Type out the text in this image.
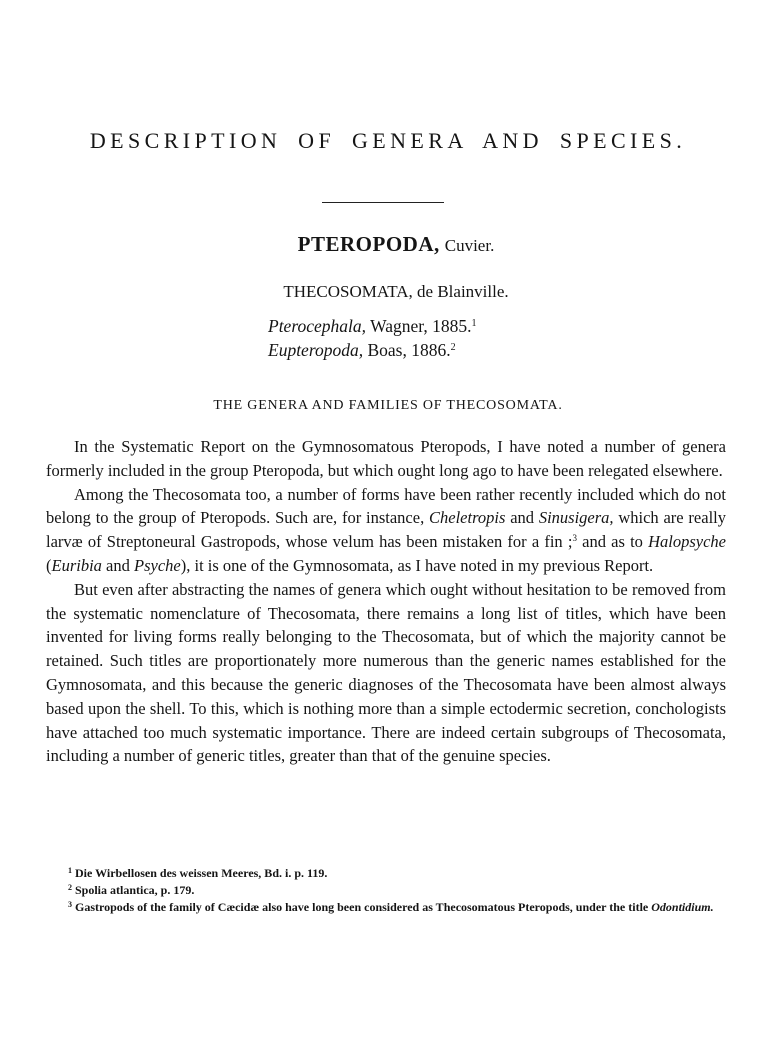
DESCRIPTION OF GENERA AND SPECIES.

PTEROPODA, Cuvier.

THECOSOMATA, de Blainville.

Pterocephala, Wagner, 1885.$^1$

Eupteropoda, Boas, 1886.$^2$

THE GENERA AND FAMILIES OF THECOSOMATA.

In the Systematic Report on the Gymnosomatous Pteropods, I have noted a number of genera formerly included in the group Pteropoda, but which ought long ago to have been relegated elsewhere.

Among the Thecosomata too, a number of forms have been rather recently included which do not belong to the group of Pteropods. Such are, for instance, Cheletropis and Sinusigera, which are really larvæ of Streptoneural Gastropods, whose velum has been mistaken for a fin ;$^3$ and as to Halopsyche (Euribia and Psyche), it is one of the Gymnosomata, as I have noted in my previous Report.

But even after abstracting the names of genera which ought without hesitation to be removed from the systematic nomenclature of Thecosomata, there remains a long list of titles, which have been invented for living forms really belonging to the Thecosomata, but of which the majority cannot be retained. Such titles are proportionately more numerous than the generic names established for the Gymnosomata, and this because the generic diagnoses of the Thecosomata have been almost always based upon the shell. To this, which is nothing more than a simple ectodermic secretion, conchologists have attached too much systematic importance. There are indeed certain subgroups of Thecosomata, including a number of generic titles, greater than that of the genuine species.

$^1$ Die Wirbellosen des weissen Meeres, Bd. i. p. 119.

$^2$ Spolia atlantica, p. 179.

$^3$ Gastropods of the family of Cæcidæ also have long been considered as Thecosomatous Pteropods, under the title Odontidium.
